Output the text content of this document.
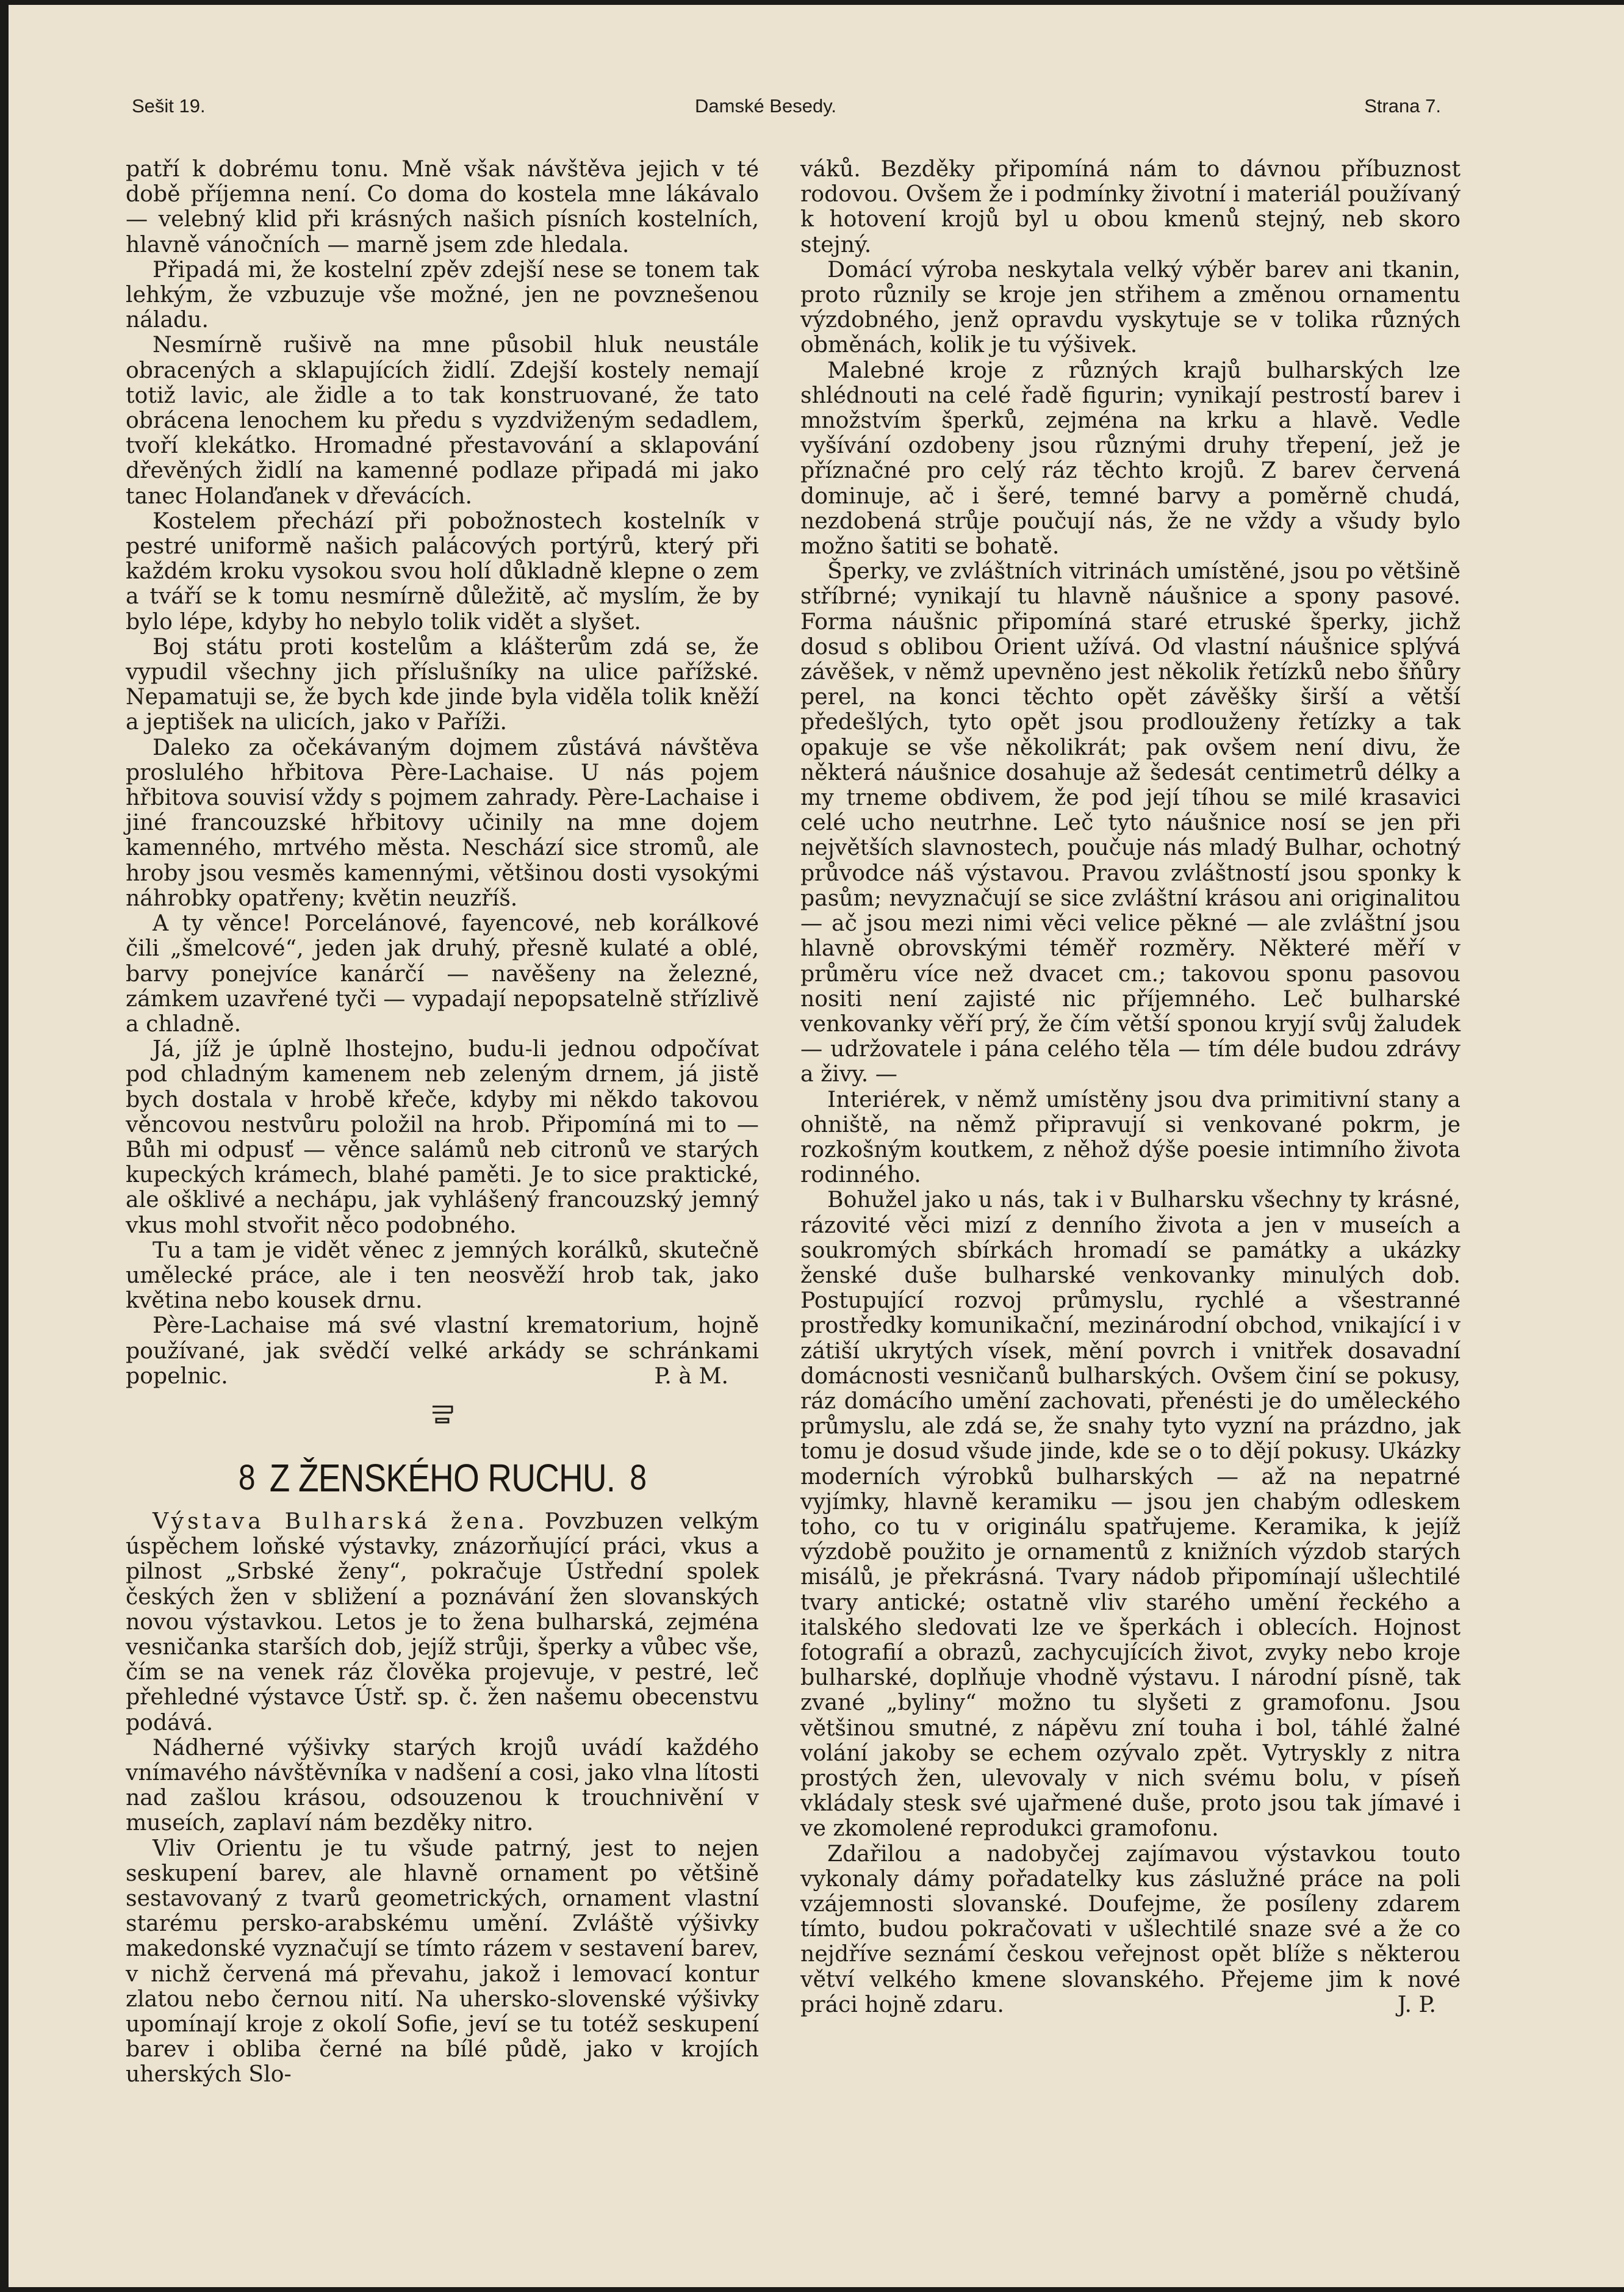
Sešit 19.	Damské Besedy.	Strana 7.

patří k dobrému tonu. Mně však návštěva jejich v té době příjemna není. Co doma do kostela mne lákávalo — velebný klid při krásných našich písních kostelních, hlavně vánočních — marně jsem zde hledala.

Připadá mi, že kostelní zpěv zdejší nese se tonem tak lehkým, že vzbuzuje vše možné, jen ne povznešenou náladu.

Nesmírně rušivě na mne působil hluk neustále obracených a sklapujících židlí. Zdejší kostely nemají totiž lavic, ale židle a to tak konstruované, že tato obrácena lenochem ku předu s vyzdviženým sedadlem, tvoří klekátko. Hromadné přestavování a sklapování dřevěných židlí na kamenné podlaze připadá mi jako tanec Holanďanek v dřevácích.

Kostelem přechází při pobožnostech kostelník v pestré uniformě našich palácových portýrů, který při každém kroku vysokou svou holí důkladně klepne o zem a tváří se k tomu nesmírně důležitě, ač myslím, že by bylo lépe, kdyby ho nebylo tolik vidět a slyšet.

Boj státu proti kostelům a klášterům zdá se, že vypudil všechny jich příslušníky na ulice pařížské. Nepamatuji se, že bych kde jinde byla viděla tolik kněží a jeptišek na ulicích, jako v Paříži.

Daleko za očekávaným dojmem zůstává návštěva proslulého hřbitova Père-Lachaise. U nás pojem hřbitova souvisí vždy s pojmem zahrady. Père-Lachaise i jiné francouzské hřbitovy učinily na mne dojem kamenného, mrtvého města. Neschází sice stromů, ale hroby jsou vesměs kamennými, většinou dosti vysokými náhrobky opatřeny; květin neuzříš.

A ty věnce! Porcelánové, fayencové, neb korálkové čili „šmelcové“, jeden jak druhý, přesně kulaté a oblé, barvy ponejvíce kanárčí — navěšeny na železné, zámkem uzavřené tyči — vypadají nepopsatelně střízlivě a chladně.

Já, jíž je úplně lhostejno, budu-li jednou odpočívat pod chladným kamenem neb zeleným drnem, já jistě bych dostala v hrobě křeče, kdyby mi někdo takovou věncovou nestvůru položil na hrob. Připomíná mi to — Bůh mi odpusť — věnce salámů neb citronů ve starých kupeckých krámech, blahé paměti. Je to sice praktické, ale ošklivé a nechápu, jak vyhlášený francouzský jemný vkus mohl stvořit něco podobného.

Tu a tam je vidět věnec z jemných korálků, skutečně umělecké práce, ale i ten neosvěží hrob tak, jako květina nebo kousek drnu.

Père-Lachaise má své vlastní krematorium, hojně používané, jak svědčí velké arkády se schránkami popelnic.	P. à M.

8 Z ŽENSKÉHO RUCHU. 8

Výstava Bulharská žena. Povzbuzen velkým úspěchem loňské výstavky, znázorňující práci, vkus a pilnost „Srbské ženy“, pokračuje Ústřední spolek českých žen v sbližení a poznávání žen slovanských novou výstavkou. Letos je to žena bulharská, zejména vesničanka starších dob, jejíž strůji, šperky a vůbec vše, čím se na venek ráz člověka projevuje, v pestré, leč přehledné výstavce Ústř. sp. č. žen našemu obecenstvu podává.

Nádherné výšivky starých krojů uvádí každého vnímavého návštěvníka v nadšení a cosi, jako vlna lítosti nad zašlou krásou, odsouzenou k trouchnivění v museích, zaplaví nám bezděky nitro.

Vliv Orientu je tu všude patrný, jest to nejen seskupení barev, ale hlavně ornament po většině sestavovaný z tvarů geometrických, ornament vlastní starému persko-arabskému umění. Zvláště výšivky makedonské vyznačují se tímto rázem v sestavení barev, v nichž červená má převahu, jakož i lemovací kontur zlatou nebo černou nití. Na uhersko-slovenské výšivky upomínají kroje z okolí Sofie, jeví se tu totéž seskupení barev i obliba černé na bílé půdě, jako v krojích uherských Slo-

váků. Bezděky připomíná nám to dávnou příbuznost rodovou. Ovšem že i podmínky životní i materiál používaný k hotovení krojů byl u obou kmenů stejný, neb skoro stejný.

Domácí výroba neskytala velký výběr barev ani tkanin, proto různily se kroje jen střihem a změnou ornamentu výzdobného, jenž opravdu vyskytuje se v tolika různých obměnách, kolik je tu výšivek.

Malebné kroje z různých krajů bulharských lze shlédnouti na celé řadě figurin; vynikají pestrostí barev i množstvím šperků, zejména na krku a hlavě. Vedle vyšívání ozdobeny jsou různými druhy třepení, jež je příznačné pro celý ráz těchto krojů. Z barev červená dominuje, ač i šeré, temné barvy a poměrně chudá, nezdobená strůje poučují nás, že ne vždy a všudy bylo možno šatiti se bohatě.

Šperky, ve zvláštních vitrinách umístěné, jsou po většině stříbrné; vynikají tu hlavně náušnice a spony pasové. Forma náušnic připomíná staré etruské šperky, jichž dosud s oblibou Orient užívá. Od vlastní náušnice splývá závěšek, v němž upevněno jest několik řetízků nebo šňůry perel, na konci těchto opět závěšky širší a větší předešlých, tyto opět jsou prodlouženy řetízky a tak opakuje se vše několikrát; pak ovšem není divu, že některá náušnice dosahuje až šedesát centimetrů délky a my trneme obdivem, že pod její tíhou se milé krasavici celé ucho neutrhne. Leč tyto náušnice nosí se jen při největších slavnostech, poučuje nás mladý Bulhar, ochotný průvodce náš výstavou. Pravou zvláštností jsou sponky k pasům; nevyznačují se sice zvláštní krásou ani originalitou — ač jsou mezi nimi věci velice pěkné — ale zvláštní jsou hlavně obrovskými téměř rozměry. Některé měří v průměru více než dvacet cm.; takovou sponu pasovou nositi není zajisté nic příjemného. Leč bulharské venkovanky věří prý, že čím větší sponou kryjí svůj žaludek — udržovatele i pána celého těla — tím déle budou zdrávy a živy. —

Interiérek, v němž umístěny jsou dva primitivní stany a ohniště, na němž připravují si venkované pokrm, je rozkošným koutkem, z něhož dýše poesie intimního života rodinného.

Bohužel jako u nás, tak i v Bulharsku všechny ty krásné, rázovité věci mizí z denního života a jen v museích a soukromých sbírkách hromadí se památky a ukázky ženské duše bulharské venkovanky minulých dob. Postupující rozvoj průmyslu, rychlé a všestranné prostředky komunikační, mezinárodní obchod, vnikající i v zátiší ukrytých vísek, mění povrch i vnitřek dosavadní domácnosti vesničanů bulharských. Ovšem činí se pokusy, ráz domácího umění zachovati, přenésti je do uměleckého průmyslu, ale zdá se, že snahy tyto vyzní na prázdno, jak tomu je dosud všude jinde, kde se o to dějí pokusy. Ukázky moderních výrobků bulharských — až na nepatrné vyjímky, hlavně keramiku — jsou jen chabým odleskem toho, co tu v originálu spatřujeme. Keramika, k jejíž výzdobě použito je ornamentů z knižních výzdob starých misálů, je překrásná. Tvary nádob připomínají ušlechtilé tvary antické; ostatně vliv starého umění řeckého a italského sledovati lze ve šperkách i oblecích. Hojnost fotografií a obrazů, zachycujících život, zvyky nebo kroje bulharské, doplňuje vhodně výstavu. I národní písně, tak zvané „byliny“ možno tu slyšeti z gramofonu. Jsou většinou smutné, z nápěvu zní touha i bol, táhlé žalné volání jakoby se echem ozývalo zpět. Vytryskly z nitra prostých žen, ulevovaly v nich svému bolu, v píseň vkládaly stesk své ujařmené duše, proto jsou tak jímavé i ve zkomolené reprodukci gramofonu.

Zdařilou a nadobyčej zajímavou výstavkou touto vykonaly dámy pořadatelky kus záslužné práce na poli vzájemnosti slovanské. Doufejme, že posíleny zdarem tímto, budou pokračovati v ušlechtilé snaze své a že co nejdříve seznámí českou veřejnost opět blíže s některou větví velkého kmene slovanského. Přejeme jim k nové práci hojně zdaru.	J. P.
